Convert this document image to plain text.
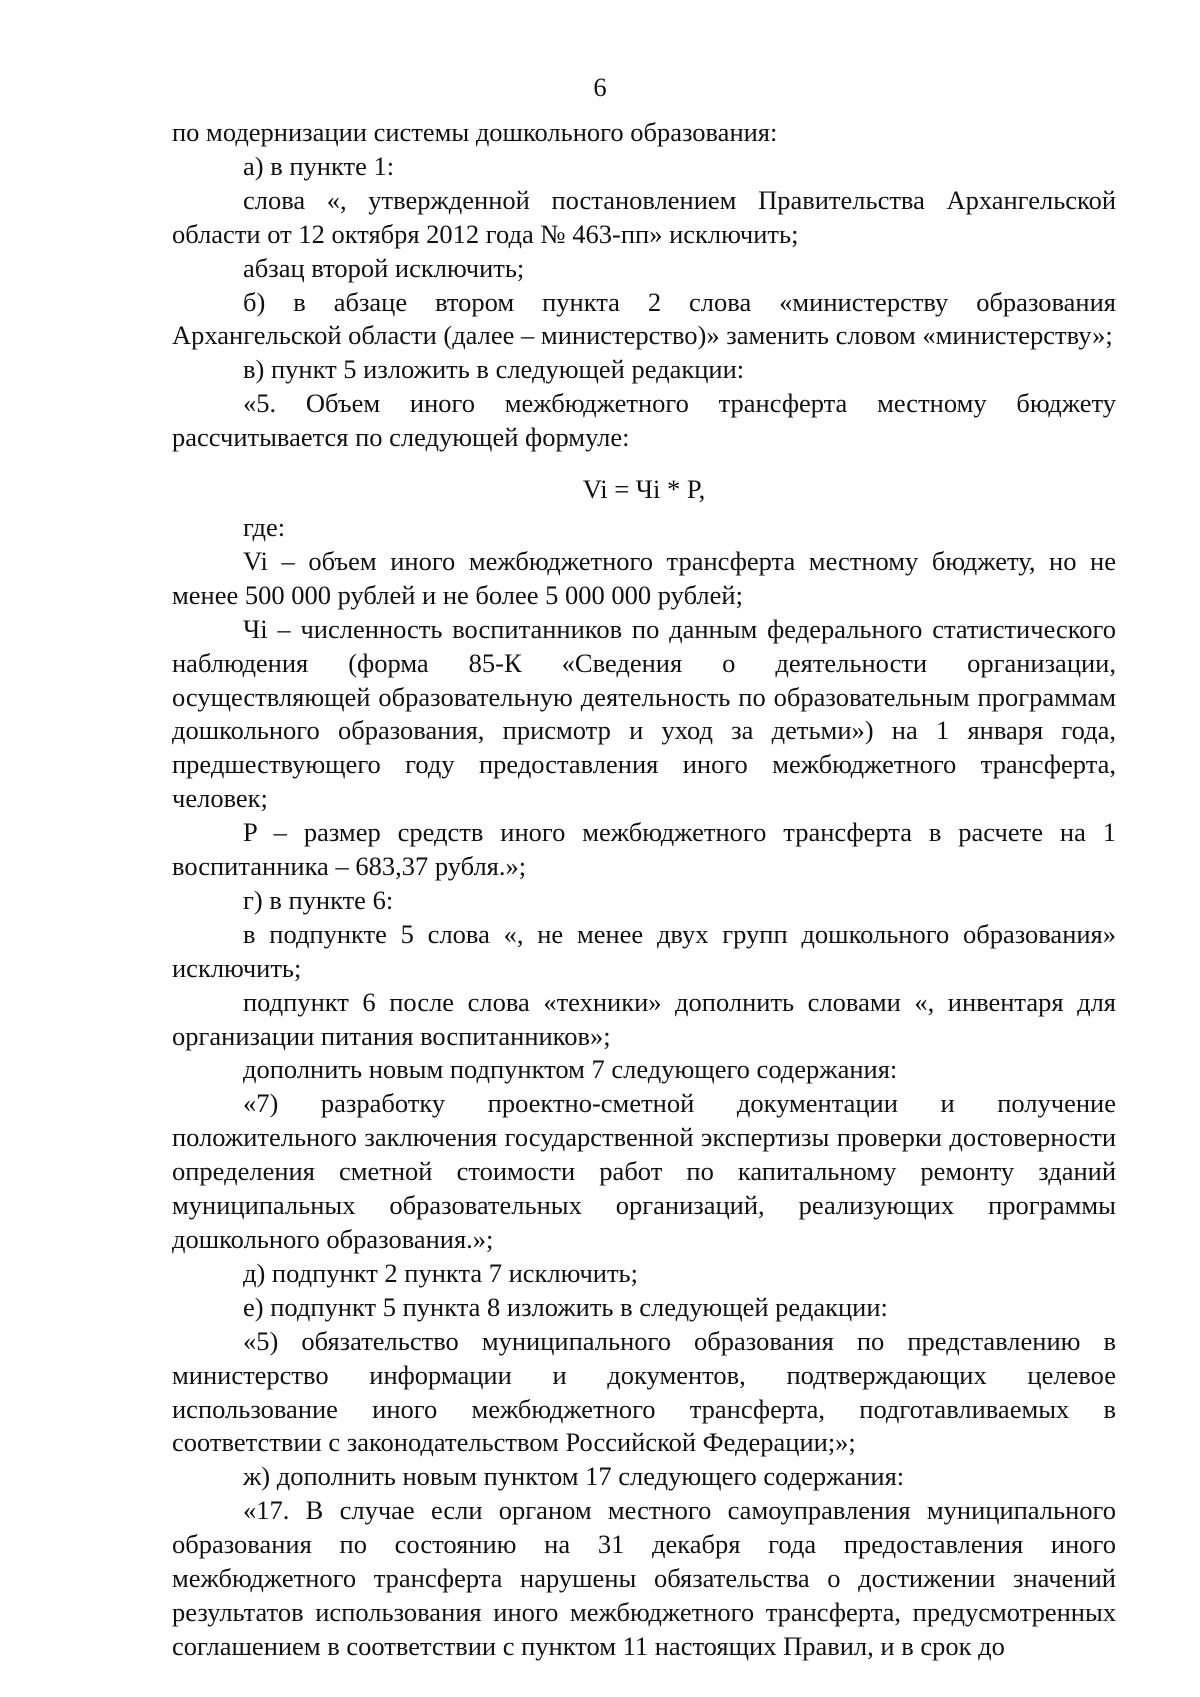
6

по модернизации системы дошкольного образования:

а) в пункте 1:

слова «, утвержденной постановлением Правительства Архангельской области от 12 октября 2012 года № 463-пп» исключить;

абзац второй исключить;

б) в абзаце втором пункта 2 слова «министерству образования Архангельской области (далее – министерство)» заменить словом «министерству»;

в) пункт 5 изложить в следующей редакции:

«5. Объем иного межбюджетного трансферта местному бюджету рассчитывается по следующей формуле:

Vi = Чi * P,

где:

Vi – объем иного межбюджетного трансферта местному бюджету, но не менее 500 000 рублей и не более 5 000 000 рублей;

Чi – численность воспитанников по данным федерального статистического наблюдения (форма 85-К «Сведения о деятельности организации, осуществляющей образовательную деятельность по образовательным программам дошкольного образования, присмотр и уход за детьми») на 1 января года, предшествующего году предоставления иного межбюджетного трансферта, человек;

P – размер средств иного межбюджетного трансферта в расчете на 1 воспитанника – 683,37 рубля.»;

г) в пункте 6:

в подпункте 5 слова «, не менее двух групп дошкольного образования» исключить;

подпункт 6 после слова «техники» дополнить словами «, инвентаря для организации питания воспитанников»;

дополнить новым подпунктом 7 следующего содержания:

«7) разработку проектно-сметной документации и получение положительного заключения государственной экспертизы проверки достоверности определения сметной стоимости работ по капитальному ремонту зданий муниципальных образовательных организаций, реализующих программы дошкольного образования.»;

д) подпункт 2 пункта 7 исключить;

е) подпункт 5 пункта 8 изложить в следующей редакции:

«5) обязательство муниципального образования по представлению в министерство информации и документов, подтверждающих целевое использование иного межбюджетного трансферта, подготавливаемых в соответствии с законодательством Российской Федерации;»;

ж) дополнить новым пунктом 17 следующего содержания:

«17. В случае если органом местного самоуправления муниципального образования по состоянию на 31 декабря года предоставления иного межбюджетного трансферта нарушены обязательства о достижении значений результатов использования иного межбюджетного трансферта, предусмотренных соглашением в соответствии с пунктом 11 настоящих Правил, и в срок до
